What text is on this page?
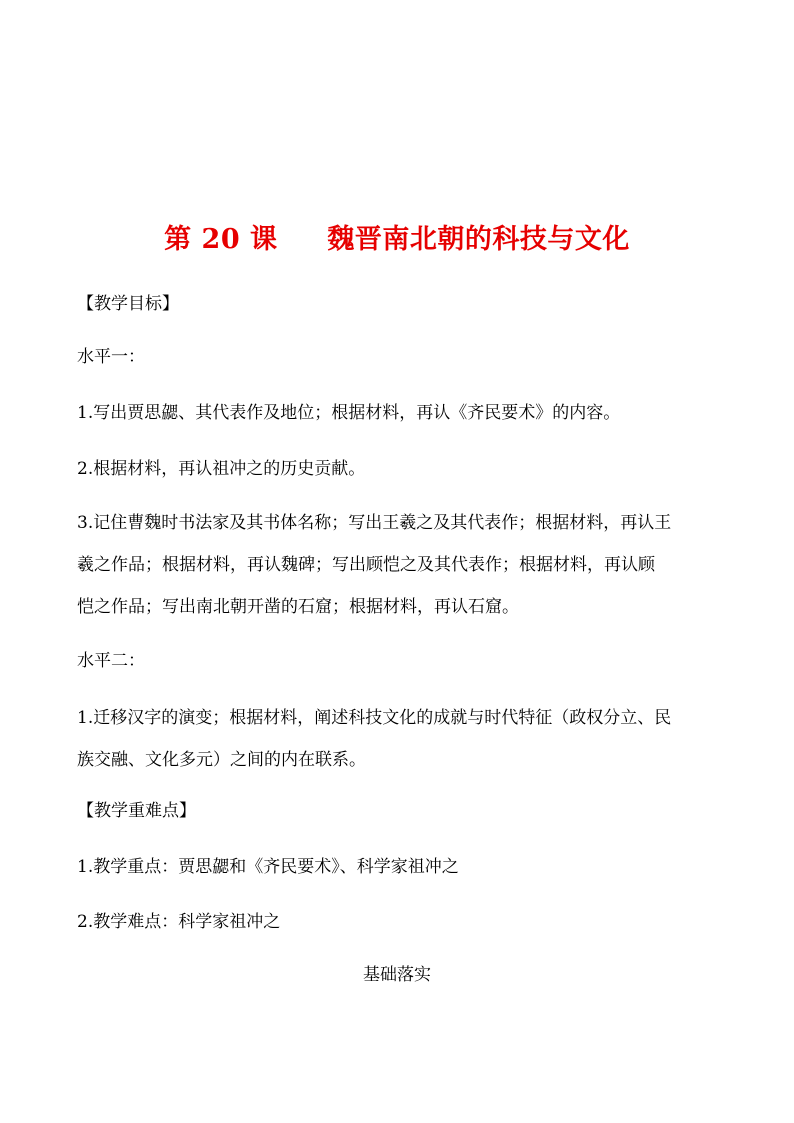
第 20 课 魏晋南北朝的科技与文化
【教学目标】
水平一：
1.写出贾思勰、其代表作及地位；根据材料，再认《齐民要术》的内容。
2.根据材料，再认祖冲之的历史贡献。
3.记住曹魏时书法家及其书体名称；写出王羲之及其代表作；根据材料，再认王
羲之作品；根据材料，再认魏碑；写出顾恺之及其代表作；根据材料，再认顾
恺之作品；写出南北朝开凿的石窟；根据材料，再认石窟。
水平二：
1.迁移汉字的演变；根据材料，阐述科技文化的成就与时代特征（政权分立、民
族交融、文化多元）之间的内在联系。
【教学重难点】
1.教学重点：贾思勰和《齐民要术》、科学家祖冲之
2.教学难点：科学家祖冲之
基础落实
